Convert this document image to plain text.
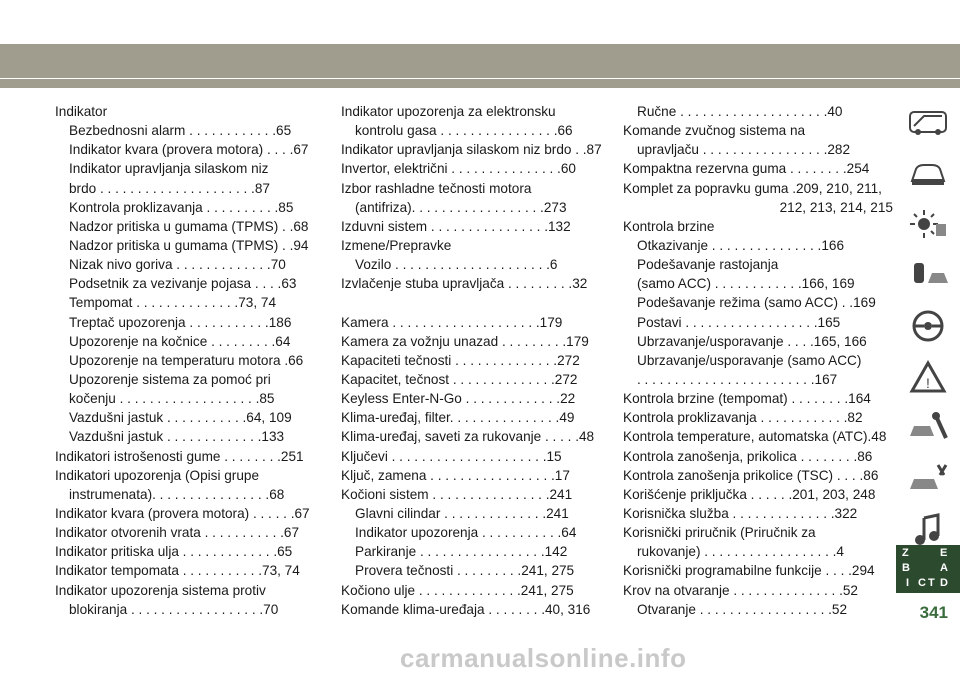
Indikator
Bezbednosni alarm . . . . . . . . . . . .65
Indikator kvara (provera motora) . . . .67
Indikator upravljanja silaskom niz
brdo . . . . . . . . . . . . . . . . . . . . .87
Kontrola proklizavanja . . . . . . . . . .85
Nadzor pritiska u gumama (TPMS) . .68
Nadzor pritiska u gumama (TPMS) . .94
Nizak nivo goriva . . . . . . . . . . . . .70
Podsetnik za vezivanje pojasa . . . .63
Tempomat . . . . . . . . . . . . . .73, 74
Treptač upozorenja . . . . . . . . . . .186
Upozorenje na kočnice . . . . . . . . .64
Upozorenje na temperaturu motora .66
Upozorenje sistema za pomoć pri
kočenju . . . . . . . . . . . . . . . . . . .85
Vazdušni jastuk . . . . . . . . . . .64, 109
Vazdušni jastuk . . . . . . . . . . . . .133
Indikatori istrošenosti gume . . . . . . . .251
Indikatori upozorenja (Opisi grupe
instrumenata). . . . . . . . . . . . . . . .68
Indikator kvara (provera motora) . . . . . .67
Indikator otvorenih vrata . . . . . . . . . . .67
Indikator pritiska ulja . . . . . . . . . . . . .65
Indikator tempomata . . . . . . . . . . .73, 74
Indikator upozorenja sistema protiv
blokiranja . . . . . . . . . . . . . . . . . .70
Indikator upozorenja za elektronsku
kontrolu gasa . . . . . . . . . . . . . . . .66
Indikator upravljanja silaskom niz brdo . .87
Invertor, električni . . . . . . . . . . . . . . .60
Izbor rashladne tečnosti motora
(antifriza). . . . . . . . . . . . . . . . . .273
Izduvni sistem . . . . . . . . . . . . . . . .132
Izmene/Prepravke
Vozilo . . . . . . . . . . . . . . . . . . . . .6
Izvlačenje stuba upravljača . . . . . . . . .32
Kamera . . . . . . . . . . . . . . . . . . . .179
Kamera za vožnju unazad . . . . . . . . .179
Kapaciteti tečnosti . . . . . . . . . . . . . .272
Kapacitet, tečnost . . . . . . . . . . . . . .272
Keyless Enter-N-Go . . . . . . . . . . . . .22
Klima-uređaj, filter. . . . . . . . . . . . . . .49
Klima-uređaj, saveti za rukovanje . . . . .48
Ključevi . . . . . . . . . . . . . . . . . . . . .15
Ključ, zamena . . . . . . . . . . . . . . . . .17
Kočioni sistem . . . . . . . . . . . . . . . .241
Glavni cilindar . . . . . . . . . . . . . .241
Indikator upozorenja . . . . . . . . . . .64
Parkiranje . . . . . . . . . . . . . . . . .142
Provera tečnosti . . . . . . . . .241, 275
Kočiono ulje . . . . . . . . . . . . . .241, 275
Komande klima-uređaja . . . . . . . .40, 316
Ručne . . . . . . . . . . . . . . . . . . . .40
Komande zvučnog sistema na
upravljaču . . . . . . . . . . . . . . . . .282
Kompaktna rezervna guma . . . . . . . .254
Komplet za popravku guma .209, 210, 211,
212, 213, 214, 215
Kontrola brzine
Otkazivanje . . . . . . . . . . . . . . .166
Podešavanje rastojanja
(samo ACC) . . . . . . . . . . . .166, 169
Podešavanje režima (samo ACC) . .169
Postavi . . . . . . . . . . . . . . . . . .165
Ubrzavanje/usporavanje . . . .165, 166
Ubrzavanje/usporavanje (samo ACC)
. . . . . . . . . . . . . . . . . . . . . . . .167
Kontrola brzine (tempomat) . . . . . . . .164
Kontrola proklizavanja . . . . . . . . . . . .82
Kontrola temperature, automatska (ATC).48
Kontrola zanošenja, prikolica . . . . . . . .86
Kontrola zanošenja prikolice (TSC) . . . .86
Korišćenje priključka . . . . . .201, 203, 248
Korisnička služba . . . . . . . . . . . . . .322
Korisnički priručnik (Priručnik za
rukovanje) . . . . . . . . . . . . . . . . . .4
Korisnički programabilne funkcije . . . .294
Krov na otvaranje . . . . . . . . . . . . . . .52
Otvaranje . . . . . . . . . . . . . . . . . .52
!
Z	E
B	A
I C D
T
341
carmanualsonline.info
